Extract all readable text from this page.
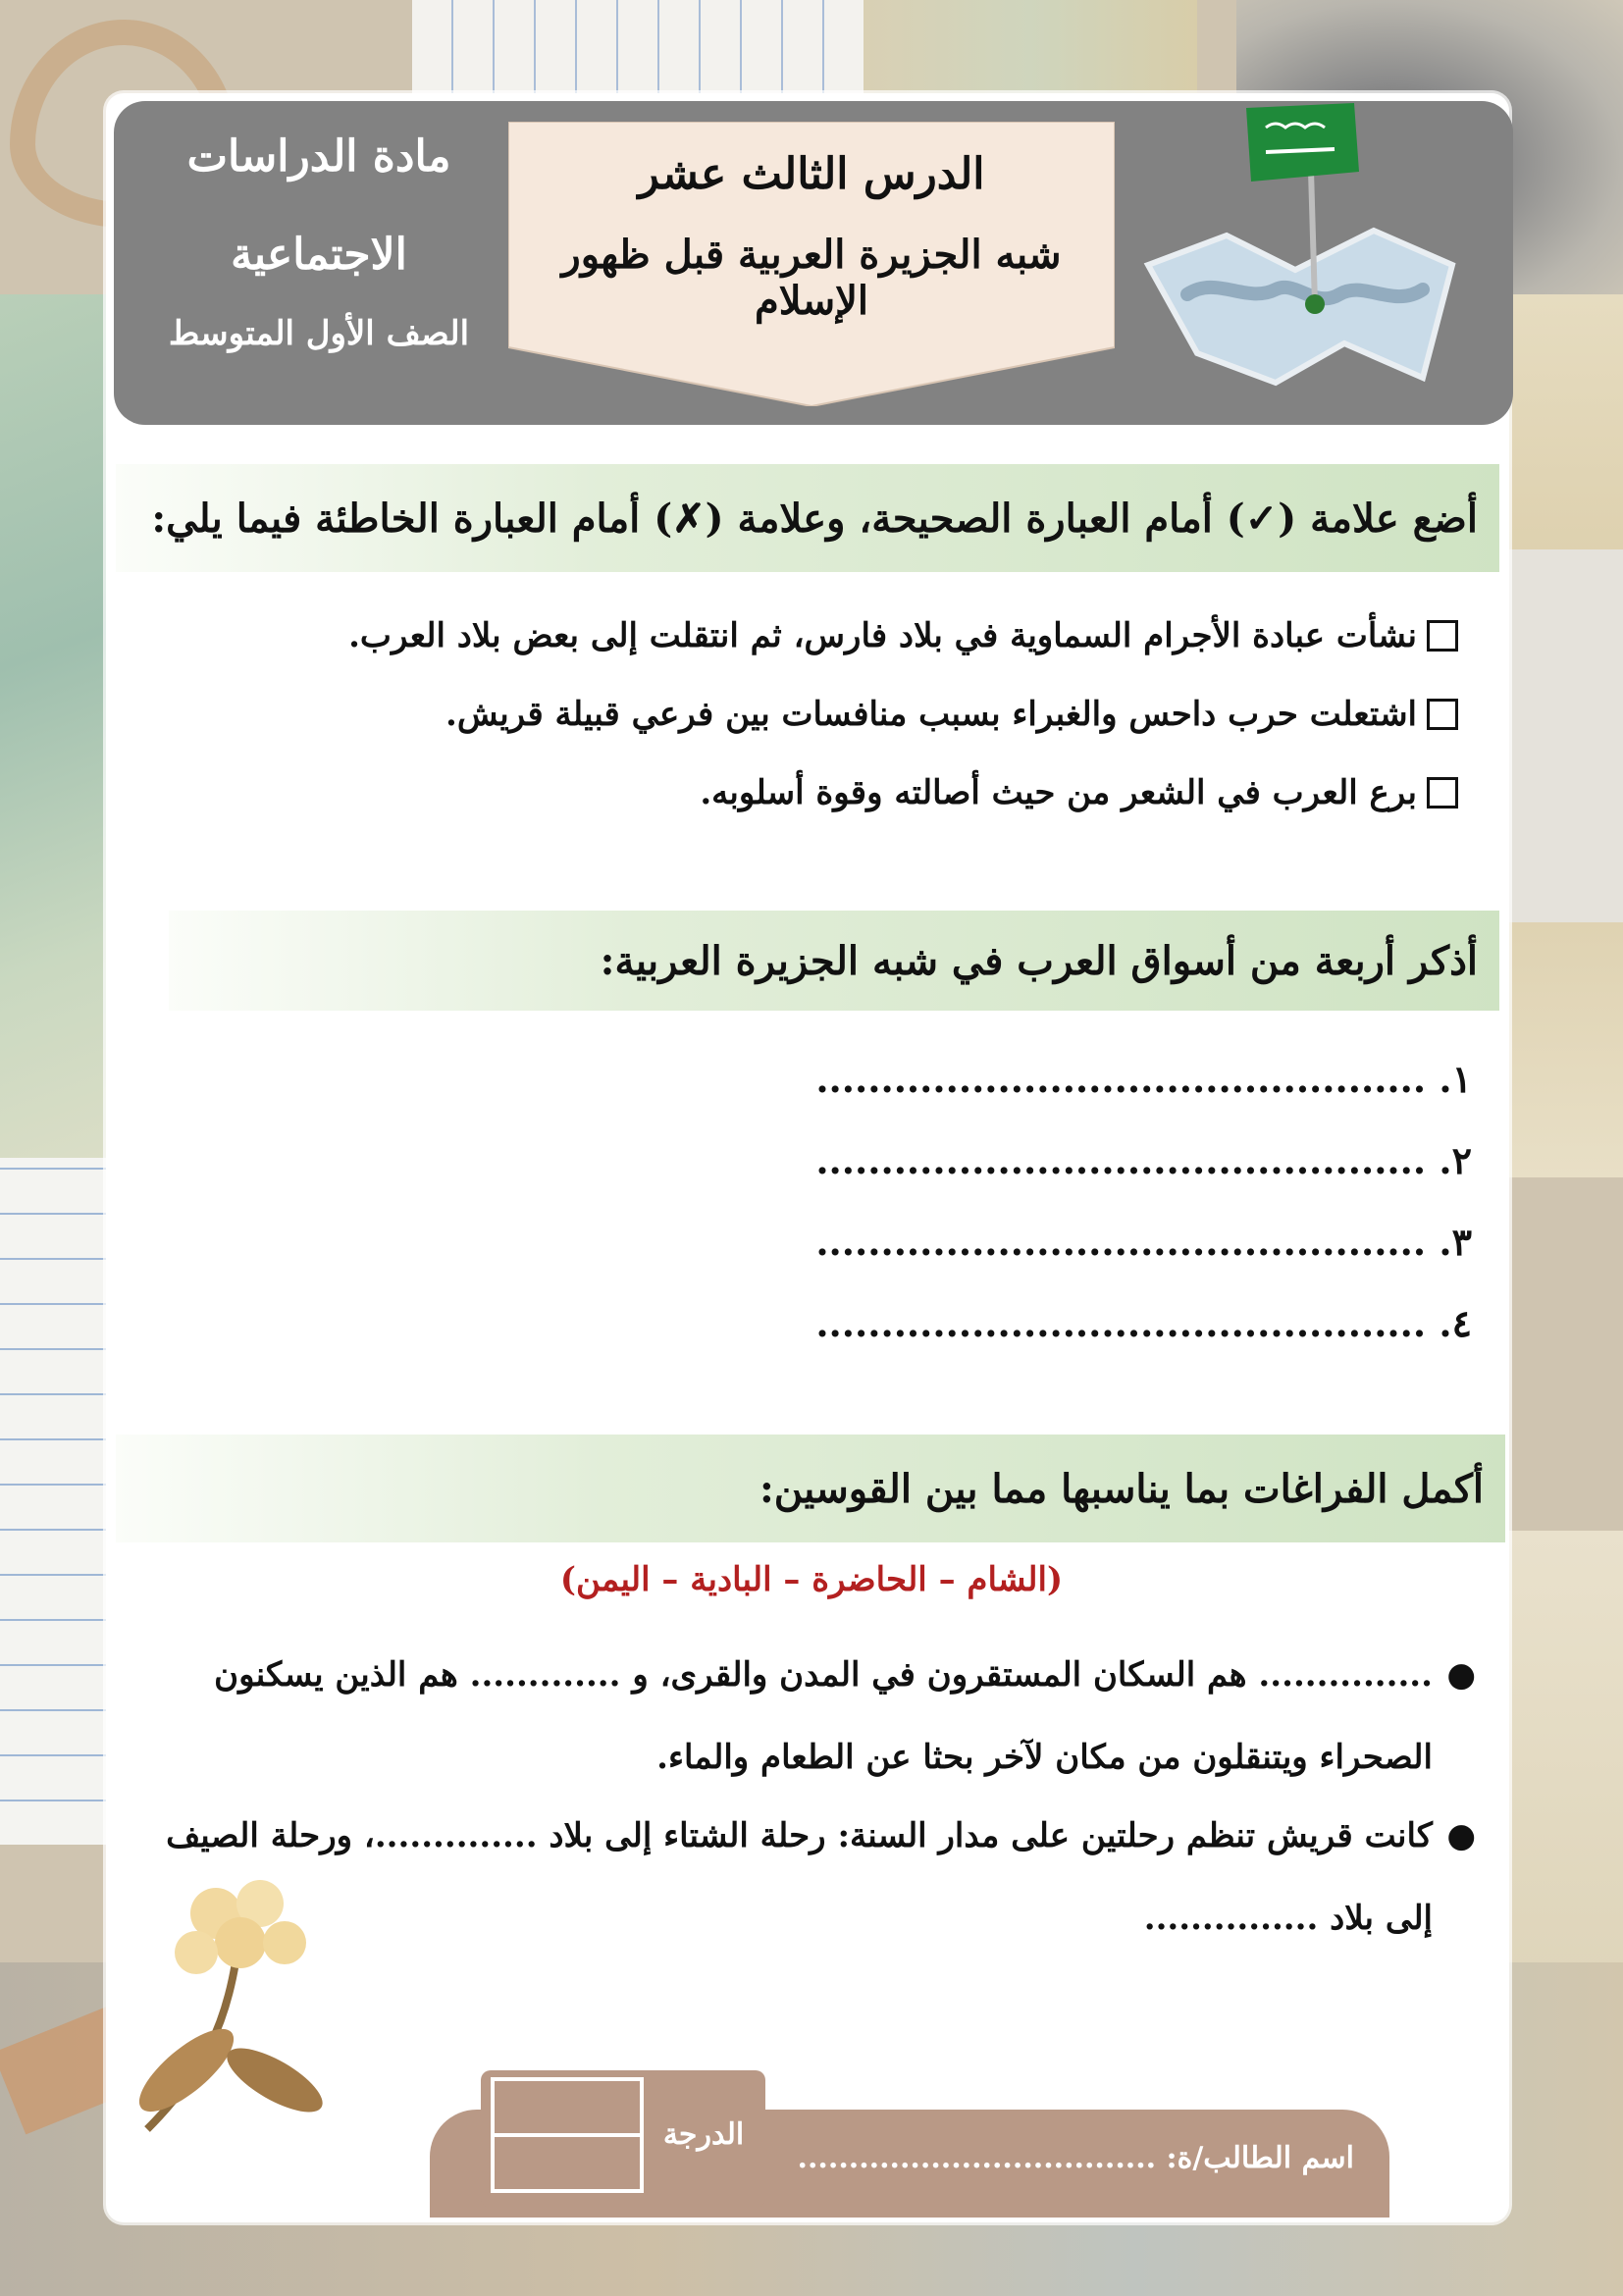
مادة الدراسات
الاجتماعية
الصف الأول المتوسط
الدرس الثالث عشر
شبه الجزيرة العربية قبل ظهور الإسلام
أضع علامة (✓) أمام العبارة الصحيحة، وعلامة (✗) أمام العبارة الخاطئة فيما يلي:
نشأت عبادة الأجرام السماوية في بلاد فارس، ثم انتقلت إلى بعض بلاد العرب.
اشتعلت حرب داحس والغبراء بسبب منافسات بين فرعي قبيلة قريش.
برع العرب في الشعر من حيث أصالته وقوة أسلوبه.
أذكر أربعة من أسواق العرب في شبه الجزيرة العربية:
١. ...............................................
٢. ...............................................
٣. ...............................................
٤. ...............................................
أكمل الفراغات بما يناسبها مما بين القوسين:
(الشام – الحاضرة – البادية – اليمن)
●
............... هم السكان المستقرون في المدن والقرى، و ............. هم الذين يسكنون الصحراء ويتنقلون من مكان لآخر بحثا عن الطعام والماء.
●
كانت قريش تنظم رحلتين على مدار السنة: رحلة الشتاء إلى بلاد ..............، ورحلة الصيف إلى بلاد ...............
الدرجة
اسم الطالب/ة: ...................................
